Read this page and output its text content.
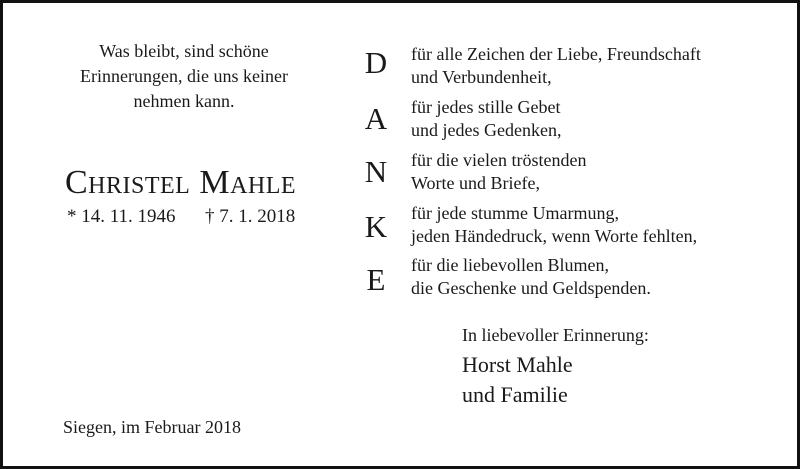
Was bleibt, sind schöne
Erinnerungen, die uns keiner
nehmen kann.
Christel Mahle
* 14. 11. 1946 † 7. 1. 2018
D
A
N
K
E
für alle Zeichen der Liebe, Freundschaft
und Verbundenheit,
für jedes stille Gebet
und jedes Gedenken,
für die vielen tröstenden
Worte und Briefe,
für jede stumme Umarmung,
jeden Händedruck, wenn Worte fehlten,
für die liebevollen Blumen,
die Geschenke und Geldspenden.
In liebevoller Erinnerung:
Horst Mahle
und Familie
Siegen, im Februar 2018
